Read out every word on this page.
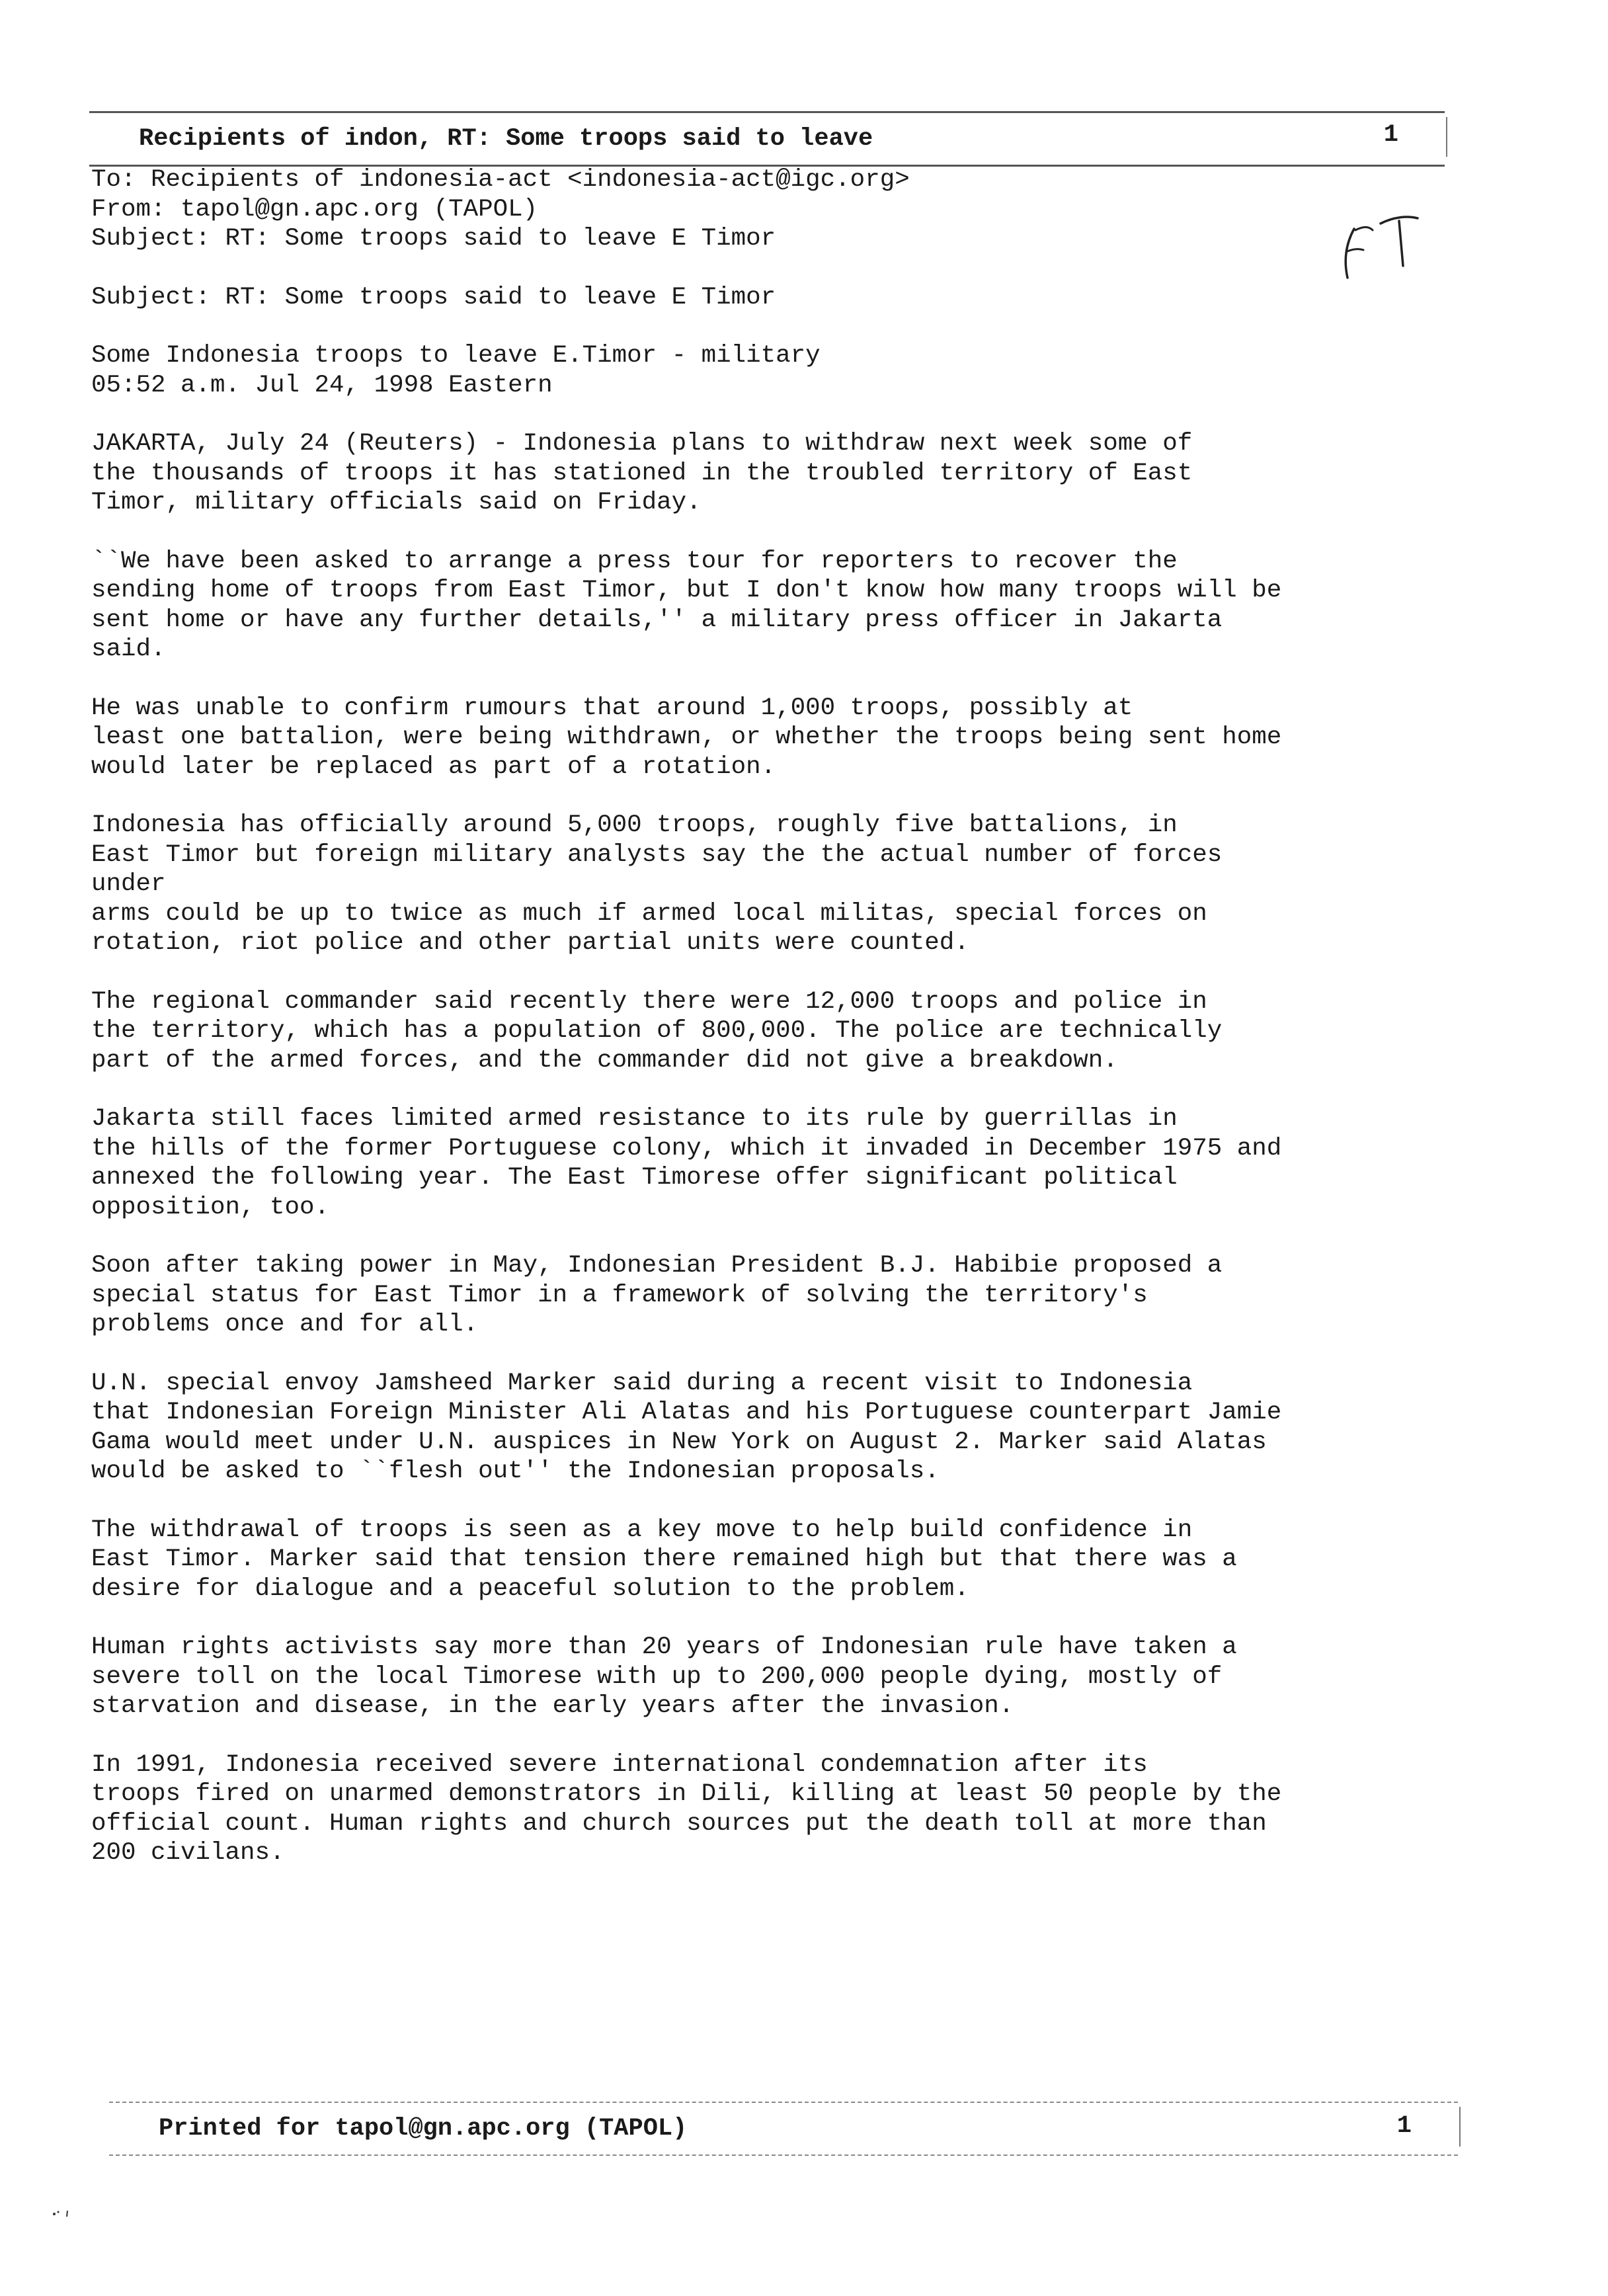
Recipients of indon, RT: Some troops said to leave	1

To: Recipients of indonesia-act <indonesia-act@igc.org>

From: tapol@gn.apc.org (TAPOL)

Subject: RT: Some troops said to leave E Timor

Subject: RT: Some troops said to leave E Timor

Some Indonesia troops to leave E.Timor - military

05:52 a.m. Jul 24, 1998 Eastern

JAKARTA, July 24 (Reuters) - Indonesia plans to withdraw next week some of

the thousands of troops it has stationed in the troubled territory of East

Timor, military officials said on Friday.

``We have been asked to arrange a press tour for reporters to recover the

sending home of troops from East Timor, but I don't know how many troops will be

sent home or have any further details,'' a military press officer in Jakarta

said.

He was unable to confirm rumours that around 1,000 troops, possibly at

least one battalion, were being withdrawn, or whether the troops being sent home

would later be replaced as part of a rotation.

Indonesia has officially around 5,000 troops, roughly five battalions, in

East Timor but foreign military analysts say the the actual number of forces

under

arms could be up to twice as much if armed local militas, special forces on

rotation, riot police and other partial units were counted.

The regional commander said recently there were 12,000 troops and police in

the territory, which has a population of 800,000. The police are technically

part of the armed forces, and the commander did not give a breakdown.

Jakarta still faces limited armed resistance to its rule by guerrillas in

the hills of the former Portuguese colony, which it invaded in December 1975 and

annexed the following year. The East Timorese offer significant political

opposition, too.

Soon after taking power in May, Indonesian President B.J. Habibie proposed a

special status for East Timor in a framework of solving the territory's

problems once and for all.

U.N. special envoy Jamsheed Marker said during a recent visit to Indonesia

that Indonesian Foreign Minister Ali Alatas and his Portuguese counterpart Jamie

Gama would meet under U.N. auspices in New York on August 2. Marker said Alatas

would be asked to ``flesh out'' the Indonesian proposals.

The withdrawal of troops is seen as a key move to help build confidence in

East Timor. Marker said that tension there remained high but that there was a

desire for dialogue and a peaceful solution to the problem.

Human rights activists say more than 20 years of Indonesian rule have taken a

severe toll on the local Timorese with up to 200,000 people dying, mostly of

starvation and disease, in the early years after the invasion.

In 1991, Indonesia received severe international condemnation after its

troops fired on unarmed demonstrators in Dili, killing at least 50 people by the

official count. Human rights and church sources put the death toll at more than

200 civilans.

Printed for tapol@gn.apc.org (TAPOL)	1
